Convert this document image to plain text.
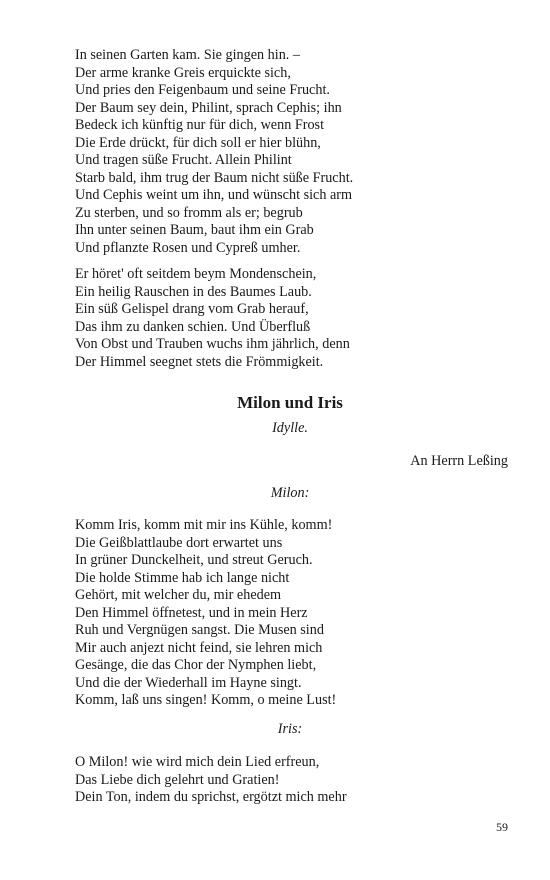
In seinen Garten kam. Sie gingen hin. –
Der arme kranke Greis erquickte sich,
Und pries den Feigenbaum und seine Frucht.
Der Baum sey dein, Philint, sprach Cephis; ihn
Bedeck ich künftig nur für dich, wenn Frost
Die Erde drückt, für dich soll er hier blühn,
Und tragen süße Frucht. Allein Philint
Starb bald, ihm trug der Baum nicht süße Frucht.
Und Cephis weint um ihn, und wünscht sich arm
Zu sterben, und so fromm als er; begrub
Ihn unter seinen Baum, baut ihm ein Grab
Und pflanzte Rosen und Cypreß umher.
Er höret' oft seitdem beym Mondenschein,
Ein heilig Rauschen in des Baumes Laub.
Ein süß Gelispel drang vom Grab herauf,
Das ihm zu danken schien. Und Überfluß
Von Obst und Trauben wuchs ihm jährlich, denn
Der Himmel seegnet stets die Frömmigkeit.
Milon und Iris
Idylle.
An Herrn Leßing
Milon:
Komm Iris, komm mit mir ins Kühle, komm!
Die Geißblattlaube dort erwartet uns
In grüner Dunckelheit, und streut Geruch.
Die holde Stimme hab ich lange nicht
Gehört, mit welcher du, mir ehedem
Den Himmel öffnetest, und in mein Herz
Ruh und Vergnügen sangst. Die Musen sind
Mir auch anjezt nicht feind, sie lehren mich
Gesänge, die das Chor der Nymphen liebt,
Und die der Wiederhall im Hayne singt.
Komm, laß uns singen! Komm, o meine Lust!
Iris:
O Milon! wie wird mich dein Lied erfreun,
Das Liebe dich gelehrt und Gratien!
Dein Ton, indem du sprichst, ergötzt mich mehr
59
